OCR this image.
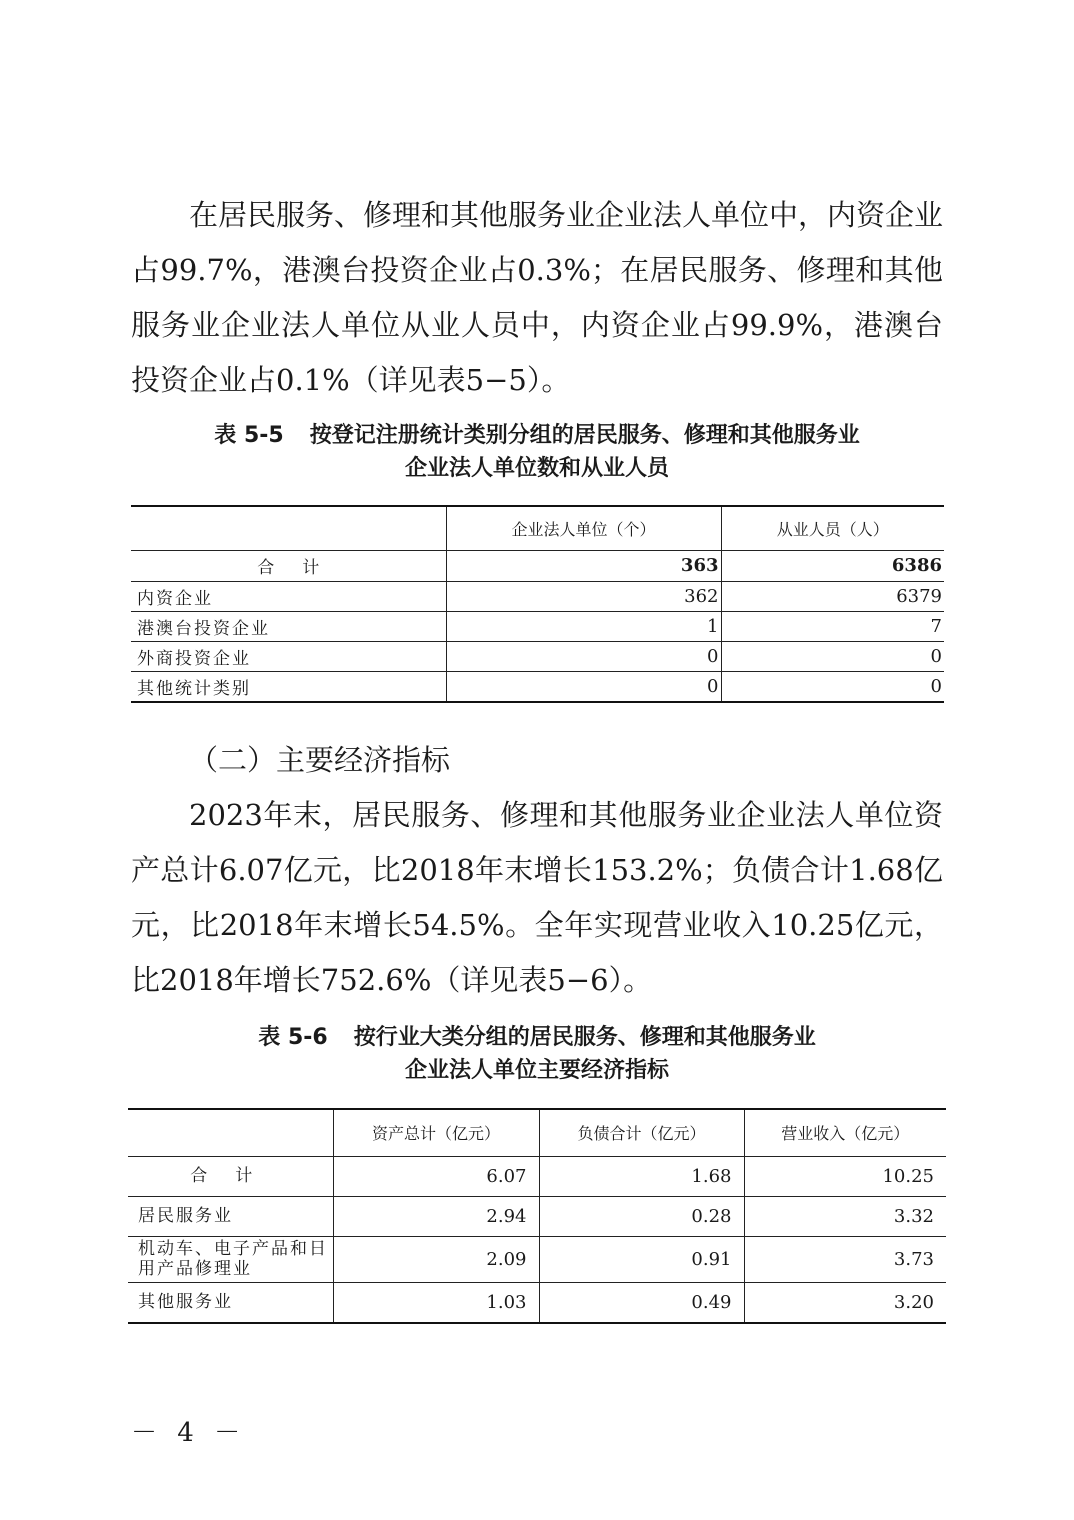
在居民服务、修理和其他服务业企业法人单位中，内资企业占99.7%，港澳台投资企业占0.3%；在居民服务、修理和其他服务业企业法人单位从业人员中，内资企业占99.9%，港澳台投资企业占0.1%（详见表5−5）。

表 5-5 按登记注册统计类别分组的居民服务、修理和其他服务业

企业法人单位数和从业人员

	企业法人单位（个）	从业人员（人）
合计	363	6386
内资企业	362	6379
港澳台投资企业	1	7
外商投资企业	0	0
其他统计类别	0	0

（二）主要经济指标

2023年末，居民服务、修理和其他服务业企业法人单位资产总计6.07亿元，比2018年末增长153.2%；负债合计1.68亿元，比2018年末增长54.5%。全年实现营业收入10.25亿元，比2018年增长752.6%（详见表5−6）。

表 5-6 按行业大类分组的居民服务、修理和其他服务业

企业法人单位主要经济指标

	资产总计（亿元）	负债合计（亿元）	营业收入（亿元）
合计	6.07	1.68	10.25
居民服务业	2.94	0.28	3.32
机动车、电子产品和日用产品修理业	2.09	0.91	3.73
其他服务业	1.03	0.49	3.20

－ 4 －
